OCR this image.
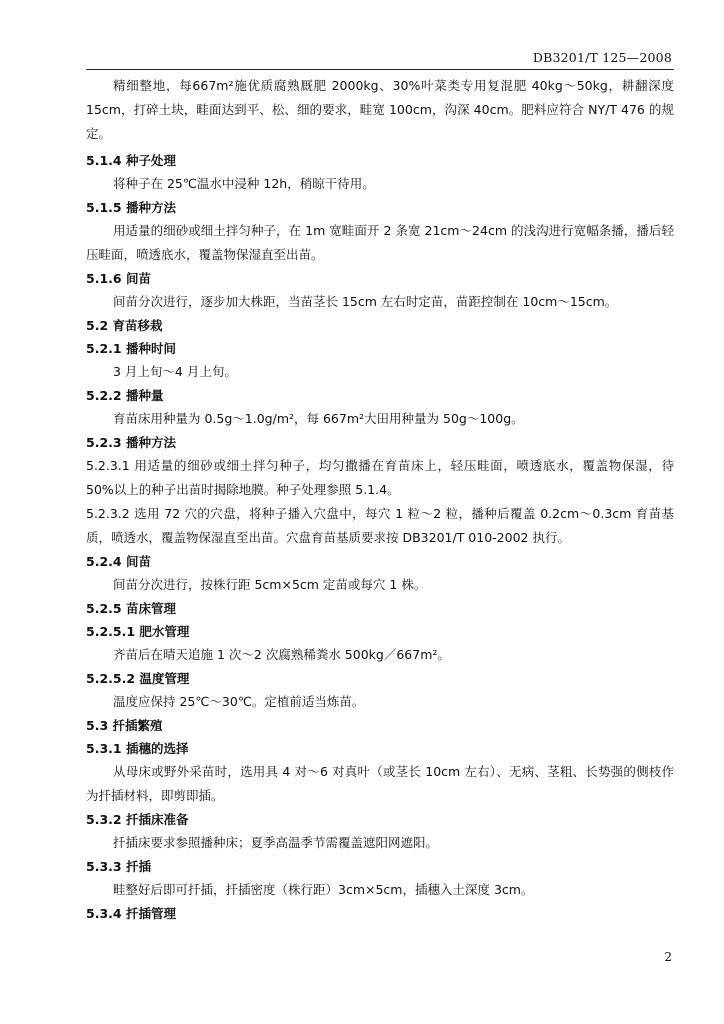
DB3201/T 125—2008
精细整地，每667m²施优质腐熟厩肥 2000kg、30%叶菜类专用复混肥 40kg～50kg，耕翻深度 15cm，打碎土块，畦面达到平、松、细的要求，畦宽 100cm，沟深 40cm。肥料应符合 NY/T 476 的规定。
5.1.4 种子处理
将种子在 25℃温水中浸种 12h，稍晾干待用。
5.1.5 播种方法
用适量的细砂或细土拌匀种子，在 1m 宽畦面开 2 条宽 21cm～24cm 的浅沟进行宽幅条播，播后轻压畦面，喷透底水，覆盖物保湿直至出苗。
5.1.6 间苗
间苗分次进行，逐步加大株距，当苗茎长 15cm 左右时定苗，苗距控制在 10cm～15cm。
5.2 育苗移栽
5.2.1 播种时间
3 月上旬～4 月上旬。
5.2.2 播种量
育苗床用种量为 0.5g～1.0g/m²，每 667m²大田用种量为 50g～100g。
5.2.3 播种方法
5.2.3.1 用适量的细砂或细土拌匀种子，均匀撒播在育苗床上，轻压畦面，喷透底水，覆盖物保湿，待 50%以上的种子出苗时揭除地膜。种子处理参照 5.1.4。
5.2.3.2 选用 72 穴的穴盘，将种子播入穴盘中，每穴 1 粒～2 粒，播种后覆盖 0.2cm～0.3cm 育苗基质，喷透水，覆盖物保湿直至出苗。穴盘育苗基质要求按 DB3201/T 010-2002 执行。
5.2.4 间苗
间苗分次进行，按株行距 5cm×5cm 定苗或每穴 1 株。
5.2.5 苗床管理
5.2.5.1 肥水管理
齐苗后在晴天追施 1 次～2 次腐熟稀粪水 500kg／667m²。
5.2.5.2 温度管理
温度应保持 25℃～30℃。定植前适当炼苗。
5.3 扦插繁殖
5.3.1 插穗的选择
从母床或野外采苗时，选用具 4 对～6 对真叶（或茎长 10cm 左右）、无病、茎粗、长势强的侧枝作为扦插材料，即剪即插。
5.3.2 扦插床准备
扦插床要求参照播种床；夏季高温季节需覆盖遮阳网遮阳。
5.3.3 扦插
畦整好后即可扦插，扦插密度（株行距）3cm×5cm，插穗入土深度 3cm。
5.3.4 扦插管理
2
